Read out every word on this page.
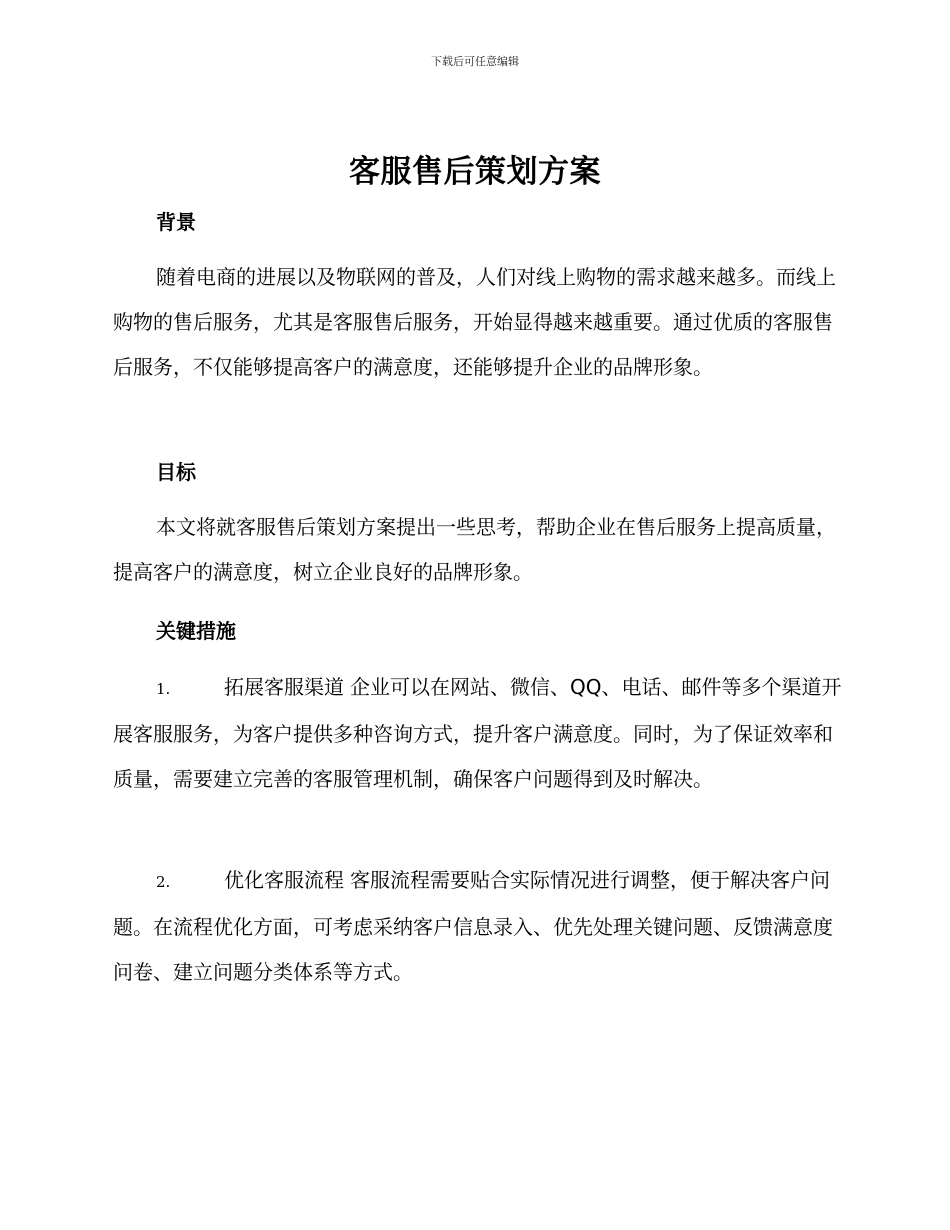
下载后可任意编辑
客服售后策划方案
背景

随着电商的进展以及物联网的普及，人们对线上购物的需求越来越多。而线上购物的售后服务，尤其是客服售后服务，开始显得越来越重要。通过优质的客服售后服务，不仅能够提高客户的满意度，还能够提升企业的品牌形象。

目标

本文将就客服售后策划方案提出一些思考，帮助企业在售后服务上提高质量，提高客户的满意度，树立企业良好的品牌形象。

关键措施

1.	拓展客服渠道 企业可以在网站、微信、QQ、电话、邮件等多个渠道开展客服服务，为客户提供多种咨询方式，提升客户满意度。同时，为了保证效率和质量，需要建立完善的客服管理机制，确保客户问题得到及时解决。

2.	优化客服流程 客服流程需要贴合实际情况进行调整，便于解决客户问题。在流程优化方面，可考虑采纳客户信息录入、优先处理关键问题、反馈满意度问卷、建立问题分类体系等方式。
